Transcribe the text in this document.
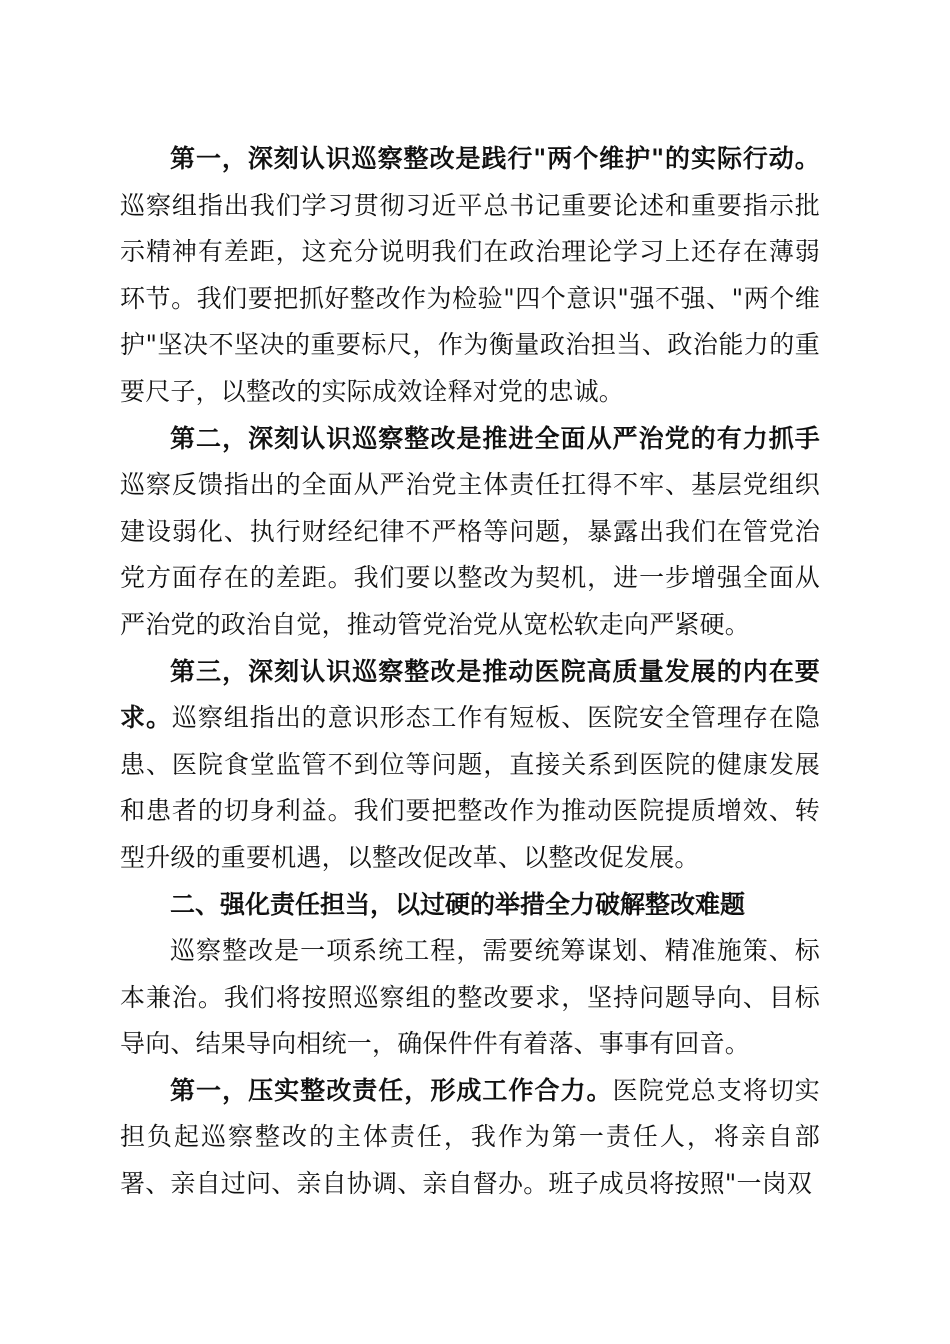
第一，深刻认识巡察整改是践行"两个维护"的实际行动。巡察组指出我们学习贯彻习近平总书记重要论述和重要指示批示精神有差距，这充分说明我们在政治理论学习上还存在薄弱环节。我们要把抓好整改作为检验"四个意识"强不强、"两个维护"坚决不坚决的重要标尺，作为衡量政治担当、政治能力的重要尺子，以整改的实际成效诠释对党的忠诚。

第二，深刻认识巡察整改是推进全面从严治党的有力抓手巡察反馈指出的全面从严治党主体责任扛得不牢、基层党组织建设弱化、执行财经纪律不严格等问题，暴露出我们在管党治党方面存在的差距。我们要以整改为契机，进一步增强全面从严治党的政治自觉，推动管党治党从宽松软走向严紧硬。

第三，深刻认识巡察整改是推动医院高质量发展的内在要求。巡察组指出的意识形态工作有短板、医院安全管理存在隐患、医院食堂监管不到位等问题，直接关系到医院的健康发展和患者的切身利益。我们要把整改作为推动医院提质增效、转型升级的重要机遇，以整改促改革、以整改促发展。

二、强化责任担当，以过硬的举措全力破解整改难题

巡察整改是一项系统工程，需要统筹谋划、精准施策、标本兼治。我们将按照巡察组的整改要求，坚持问题导向、目标导向、结果导向相统一，确保件件有着落、事事有回音。

第一，压实整改责任，形成工作合力。医院党总支将切实担负起巡察整改的主体责任，我作为第一责任人，将亲自部署、亲自过问、亲自协调、亲自督办。班子成员将按照"一岗双
